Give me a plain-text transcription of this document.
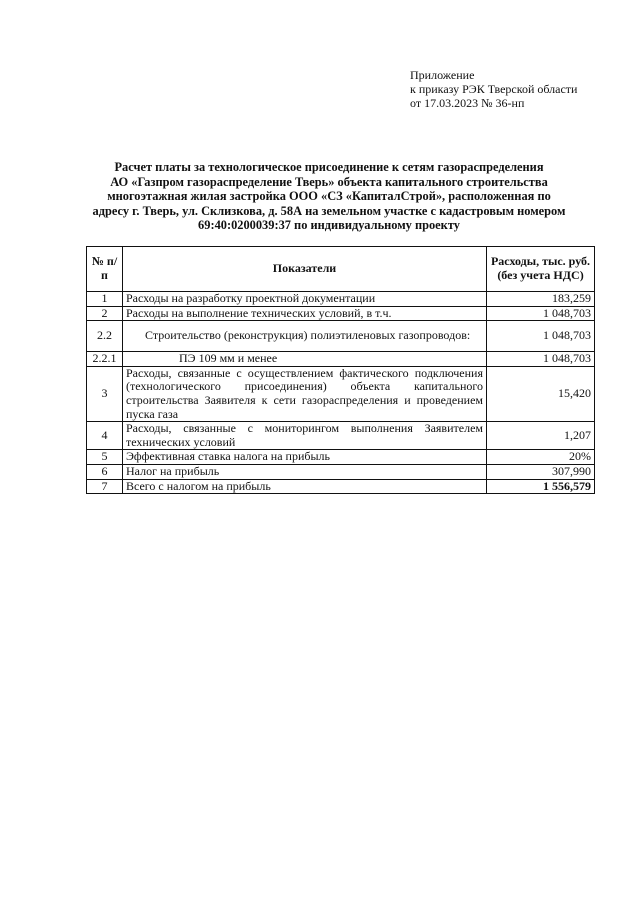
Приложение
к приказу РЭК Тверской области
от 17.03.2023 № 36-нп
Расчет платы за технологическое присоединение к сетям газораспределения
АО «Газпром газораспределение Тверь» объекта капитального строительства
многоэтажная жилая застройка ООО «СЗ «КапиталСтрой», расположенная по
адресу г. Тверь, ул. Склизкова, д. 58А на земельном участке с кадастровым номером
69:40:0200039:37 по индивидуальному проекту
№ п/п	Показатели	Расходы, тыс. руб. (без учета НДС)
1	Расходы на разработку проектной документации	183,259
2	Расходы на выполнение технических условий, в т.ч.	1 048,703
2.2	Строительство (реконструкция) полиэтиленовых газопроводов:	1 048,703
2.2.1	ПЭ 109 мм и менее	1 048,703
3	Расходы, связанные с осуществлением фактического подключения (технологического присоединения) объекта капитального строительства Заявителя к сети газораспределения и проведением пуска газа	15,420
4	Расходы, связанные с мониторингом выполнения Заявителем технических условий	1,207
5	Эффективная ставка налога на прибыль	20%
6	Налог на прибыль	307,990
7	Всего с налогом на прибыль	1 556,579
